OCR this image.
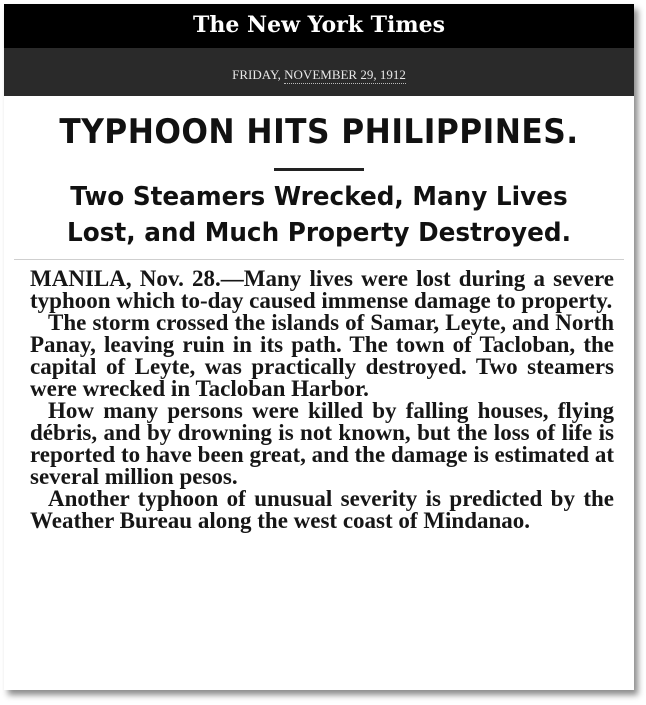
The New York Times
FRIDAY, NOVEMBER 29, 1912
TYPHOON HITS PHILIPPINES.
Two Steamers Wrecked, Many Lives
Lost, and Much Property Destroyed.

MANILA, Nov. 28.—Many lives were lost during a severe typhoon which to-day caused immense damage to property.

The storm crossed the islands of Samar, Leyte, and North Panay, leaving ruin in its path. The town of Tacloban, the capital of Leyte, was practically destroyed. Two steamers were wrecked in Tacloban Harbor.

How many persons were killed by falling houses, flying débris, and by drowning is not known, but the loss of life is reported to have been great, and the damage is estimated at several million pesos.

Another typhoon of unusual severity is predicted by the Weather Bureau along the west coast of Mindanao.
